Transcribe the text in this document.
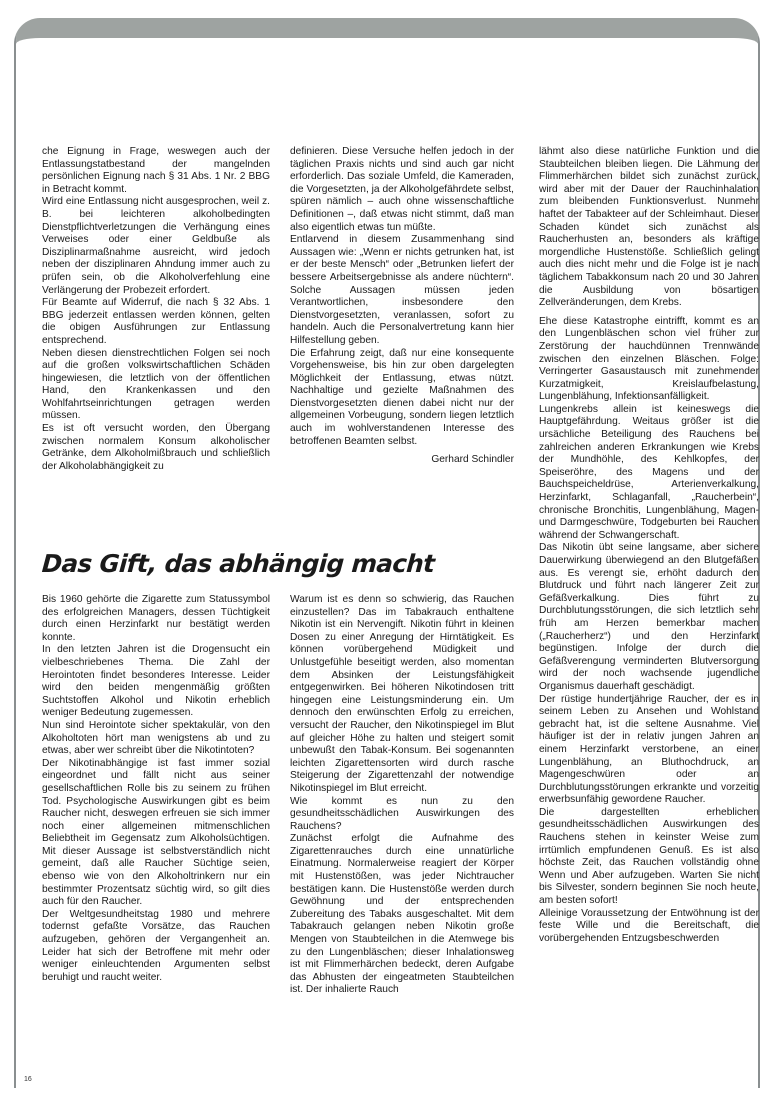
che Eignung in Frage, weswegen auch der Entlassungstatbestand der mangelnden persönlichen Eignung nach § 31 Abs. 1 Nr. 2 BBG in Betracht kommt.

Wird eine Entlassung nicht ausgesprochen, weil z. B. bei leichteren alkoholbedingten Dienstpflichtverletzungen die Verhängung eines Verweises oder einer Geldbuße als Disziplinarmaßnahme ausreicht, wird jedoch neben der disziplinaren Ahndung immer auch zu prüfen sein, ob die Alkoholverfehlung eine Verlängerung der Probezeit erfordert.

Für Beamte auf Widerruf, die nach § 32 Abs. 1 BBG jederzeit entlassen werden können, gelten die obigen Ausführungen zur Entlassung entsprechend.

Neben diesen dienstrechtlichen Folgen sei noch auf die großen volkswirtschaftlichen Schäden hingewiesen, die letztlich von der öffentlichen Hand, den Krankenkassen und den Wohlfahrtseinrichtungen getragen werden müssen.

Es ist oft versucht worden, den Übergang zwischen normalem Konsum alkoholischer Getränke, dem Alkoholmißbrauch und schließlich der Alkoholabhängigkeit zu

definieren. Diese Versuche helfen jedoch in der täglichen Praxis nichts und sind auch gar nicht erforderlich. Das soziale Umfeld, die Kameraden, die Vorgesetzten, ja der Alkoholgefährdete selbst, spüren nämlich – auch ohne wissenschaftliche Definitionen –, daß etwas nicht stimmt, daß man also eigentlich etwas tun müßte.

Entlarvend in diesem Zusammenhang sind Aussagen wie: „Wenn er nichts getrunken hat, ist er der beste Mensch“ oder „Betrunken liefert der bessere Arbeitsergebnisse als andere nüchtern“. Solche Aussagen müssen jeden Verantwortlichen, insbesondere den Dienstvorgesetzten, veranlassen, sofort zu handeln. Auch die Personalvertretung kann hier Hilfestellung geben.

Die Erfahrung zeigt, daß nur eine konsequente Vorgehensweise, bis hin zur oben dargelegten Möglichkeit der Entlassung, etwas nützt. Nachhaltige und gezielte Maßnahmen des Dienstvorgesetzten dienen dabei nicht nur der allgemeinen Vorbeugung, sondern liegen letztlich auch im wohlverstandenen Interesse des betroffenen Beamten selbst.

Gerhard Schindler

lähmt also diese natürliche Funktion und die Staubteilchen bleiben liegen. Die Lähmung der Flimmerhärchen bildet sich zunächst zurück, wird aber mit der Dauer der Rauchinhalation zum bleibenden Funktionsverlust. Nunmehr haftet der Tabakteer auf der Schleimhaut. Dieser Schaden kündet sich zunächst als Raucherhusten an, besonders als kräftige morgendliche Hustenstöße. Schließlich gelingt auch dies nicht mehr und die Folge ist je nach täglichem Tabakkonsum nach 20 und 30 Jahren die Ausbildung von bösartigen Zellveränderungen, dem Krebs.

Ehe diese Katastrophe eintrifft, kommt es an den Lungenbläschen schon viel früher zur Zerstörung der hauchdünnen Trennwände zwischen den einzelnen Bläschen. Folge: Verringerter Gasaustausch mit zunehmender Kurzatmigkeit, Kreislaufbelastung, Lungenblähung, Infektionsanfälligkeit.

Lungenkrebs allein ist keineswegs die Hauptgefährdung. Weitaus größer ist die ursächliche Beteiligung des Rauchens bei zahlreichen anderen Erkrankungen wie Krebs der Mundhöhle, des Kehlkopfes, der Speiseröhre, des Magens und der Bauchspeicheldrüse, Arterienverkalkung, Herzinfarkt, Schlaganfall, „Raucherbein“, chronische Bronchitis, Lungenblähung, Magen- und Darmgeschwüre, Todgeburten bei Rauchen während der Schwangerschaft.

Das Nikotin übt seine langsame, aber sichere Dauerwirkung überwiegend an den Blutgefäßen aus. Es verengt sie, erhöht dadurch den Blutdruck und führt nach längerer Zeit zur Gefäßverkalkung. Dies führt zu Durchblutungsstörungen, die sich letztlich sehr früh am Herzen bemerkbar machen („Raucherherz“) und den Herzinfarkt begünstigen. Infolge der durch die Gefäßverengung verminderten Blutversorgung wird der noch wachsende jugendliche Organismus dauerhaft geschädigt.

Der rüstige hundertjährige Raucher, der es in seinem Leben zu Ansehen und Wohlstand gebracht hat, ist die seltene Ausnahme. Viel häufiger ist der in relativ jungen Jahren an einem Herzinfarkt verstorbene, an einer Lungenblähung, an Bluthochdruck, an Magengeschwüren oder an Durchblutungsstörungen erkrankte und vorzeitig erwerbsunfähig gewordene Raucher.

Die dargestellten erheblichen gesundheitsschädlichen Auswirkungen des Rauchens stehen in keinster Weise zum irrtümlich empfundenen Genuß. Es ist also höchste Zeit, das Rauchen vollständig ohne Wenn und Aber aufzugeben. Warten Sie nicht bis Silvester, sondern beginnen Sie noch heute, am besten sofort!

Alleinige Voraussetzung der Entwöhnung ist der feste Wille und die Bereitschaft, die vorübergehenden Entzugsbeschwerden

Das Gift, das abhängig macht

Bis 1960 gehörte die Zigarette zum Statussymbol des erfolgreichen Managers, dessen Tüchtigkeit durch einen Herzinfarkt nur bestätigt werden konnte.

In den letzten Jahren ist die Drogensucht ein vielbeschriebenes Thema. Die Zahl der Herointoten findet besonderes Interesse. Leider wird den beiden mengenmäßig größten Suchtstoffen Alkohol und Nikotin erheblich weniger Bedeutung zugemessen.

Nun sind Herointote sicher spektakulär, von den Alkoholtoten hört man wenigstens ab und zu etwas, aber wer schreibt über die Nikotintoten?

Der Nikotinabhängige ist fast immer sozial eingeordnet und fällt nicht aus seiner gesellschaftlichen Rolle bis zu seinem zu frühen Tod. Psychologische Auswirkungen gibt es beim Raucher nicht, deswegen erfreuen sie sich immer noch einer allgemeinen mitmenschlichen Beliebtheit im Gegensatz zum Alkoholsüchtigen. Mit dieser Aussage ist selbstverständlich nicht gemeint, daß alle Raucher Süchtige seien, ebenso wie von den Alkoholtrinkern nur ein bestimmter Prozentsatz süchtig wird, so gilt dies auch für den Raucher.

Der Weltgesundheitstag 1980 und mehrere todernst gefaßte Vorsätze, das Rauchen aufzugeben, gehören der Vergangenheit an. Leider hat sich der Betroffene mit mehr oder weniger einleuchtenden Argumenten selbst beruhigt und raucht weiter.

Warum ist es denn so schwierig, das Rauchen einzustellen? Das im Tabakrauch enthaltene Nikotin ist ein Nervengift. Nikotin führt in kleinen Dosen zu einer Anregung der Hirntätigkeit. Es können vorübergehend Müdigkeit und Unlustgefühle beseitigt werden, also momentan dem Absinken der Leistungsfähigkeit entgegenwirken. Bei höheren Nikotindosen tritt hingegen eine Leistungsminderung ein. Um dennoch den erwünschten Erfolg zu erreichen, versucht der Raucher, den Nikotinspiegel im Blut auf gleicher Höhe zu halten und steigert somit unbewußt den Tabak-Konsum. Bei sogenannten leichten Zigarettensorten wird durch rasche Steigerung der Zigarettenzahl der notwendige Nikotinspiegel im Blut erreicht.

Wie kommt es nun zu den gesundheitsschädlichen Auswirkungen des Rauchens?

Zunächst erfolgt die Aufnahme des Zigarettenrauches durch eine unnatürliche Einatmung. Normalerweise reagiert der Körper mit Hustenstößen, was jeder Nichtraucher bestätigen kann. Die Hustenstöße werden durch Gewöhnung und der entsprechenden Zubereitung des Tabaks ausgeschaltet. Mit dem Tabakrauch gelangen neben Nikotin große Mengen von Staubteilchen in die Atemwege bis zu den Lungenbläschen; dieser Inhalationsweg ist mit Flimmerhärchen bedeckt, deren Aufgabe das Abhusten der eingeatmeten Staubteilchen ist. Der inhalierte Rauch

16
